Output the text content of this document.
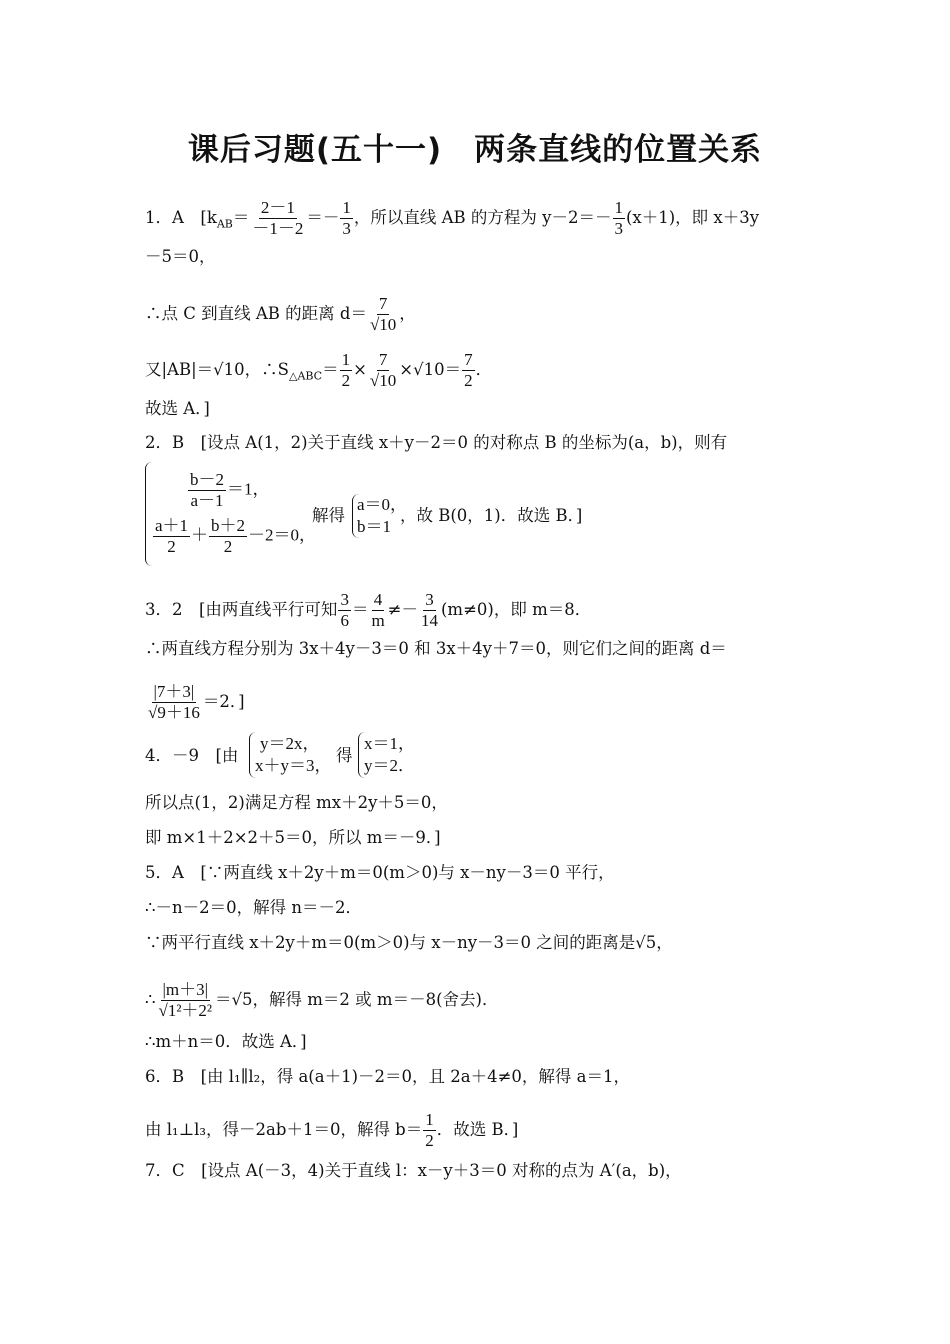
课后习题(五十一)　两条直线的位置关系
1．A　[$k_{AB}= \frac{2-1}{-1-2} =- \frac{1}{3}$ ，所以直线 AB 的方程为 $y-2=- \frac{1}{3} (x+1)$，即 x＋3y
－5＝0，
∴点 C 到直线 AB 的距离 $d= \frac{7}{√10}$ ，
又|AB|＝√10，$\therefore S_{\triangle ABC}= \frac{1}{2} \times \frac{7}{√10} \times√10= \frac{7}{2}$ ．
故选 A．]
2．B　[设点 A(1，2)关于直线 x＋y－2＝0 的对称点 B 的坐标为(a，b)，则有
$\frac{b-2}{a-1} =1$，
$\frac{a+1}{2} + \frac{b+2}{2} -2=0$，
解得
a＝0，
b＝1
，故 B(0，1)．故选 B．]
3．2　[由两直线平行可知 $\frac{3}{6} = \frac{4}{m} \ne- \frac{3}{14} (m\ne 0)$，即 m＝8．
∴两直线方程分别为 3x＋4y－3＝0 和 3x＋4y＋7＝0，则它们之间的距离 d＝
$\frac{|7+3|}{√9+16} =2$．]
4．－9　[由
y＝2x，
x＋y＝3，
得
x＝1，
y＝2．
所以点(1，2)满足方程 mx＋2y＋5＝0，
即 m×1＋2×2＋5＝0，所以 m＝－9．]
5．A　[∵两直线 x＋2y＋m＝0(m＞0)与 x－ny－3＝0 平行，
∴－n－2＝0，解得 n＝－2．
∵两平行直线 x＋2y＋m＝0(m＞0)与 x－ny－3＝0 之间的距离是√5，
∴ $\frac{|m+3|}{\text{√1²＋2²}} =√5$，解得 m＝2 或 m＝－8(舍去)．
∴m＋n＝0．故选 A．]
6．B　[由 l₁∥l₂，得 a(a＋1)－2＝0，且 2a＋4≠0，解得 a＝1，
由 l₁⊥l₃，得－2ab＋1＝0，解得 $b= \frac{1}{2}$ ．故选 B．]
7．C　[设点 A(－3，4)关于直线 l：x－y＋3＝0 对称的点为 A′(a，b)，
